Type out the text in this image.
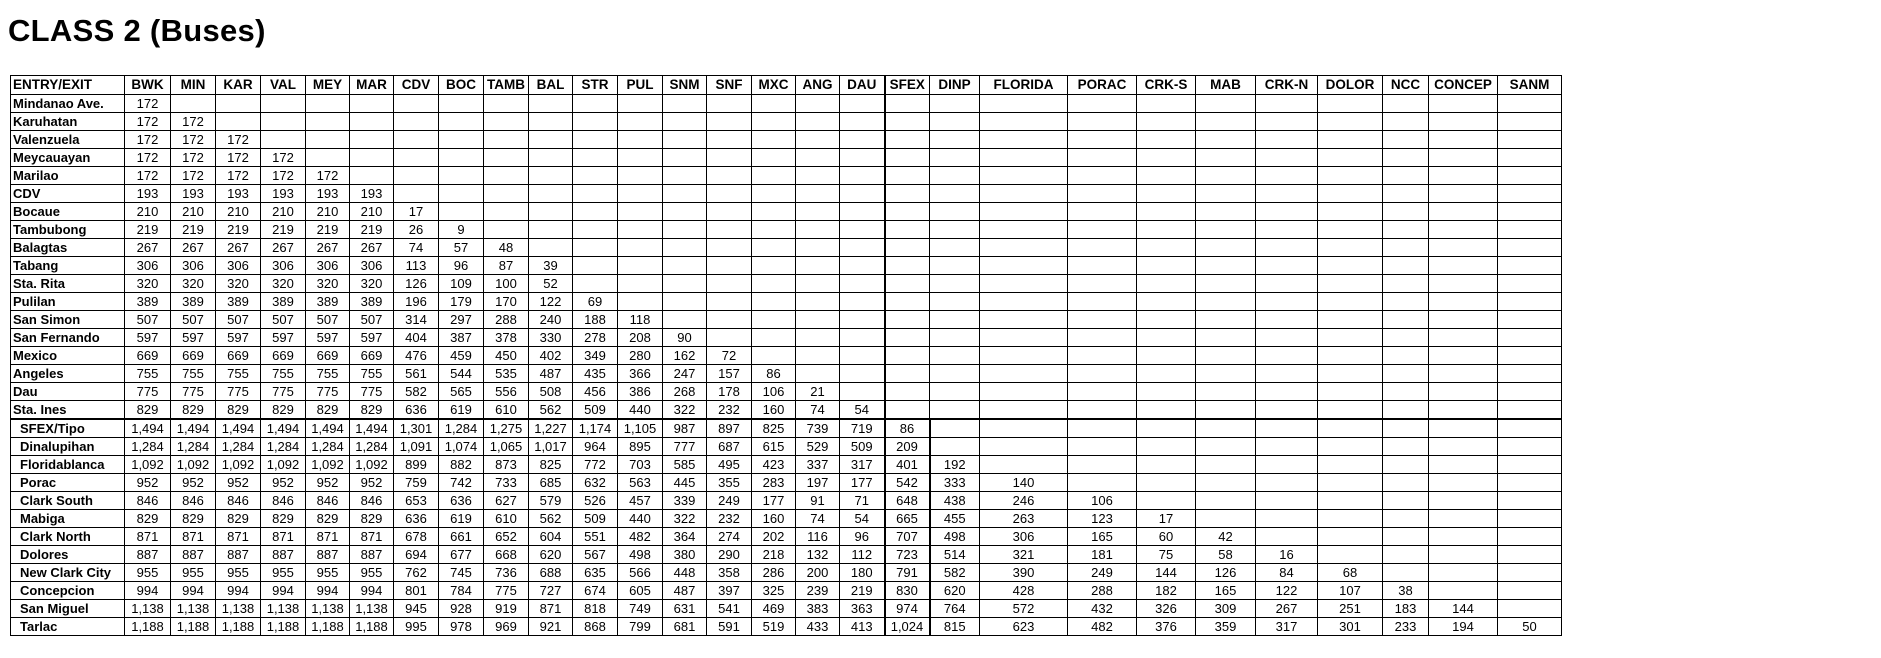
CLASS 2 (Buses)
ENTRY/EXIT	BWK	MIN	KAR	VAL	MEY	MAR	CDV	BOC	TAMB	BAL	STR	PUL	SNM	SNF	MXC	ANG	DAU	SFEX	DINP	FLORIDA	PORAC	CRK-S	MAB	CRK-N	DOLOR	NCC	CONCEP	SANM
Mindanao Ave.	172																											
Karuhatan	172	172																										
Valenzuela	172	172	172																									
Meycauayan	172	172	172	172																								
Marilao	172	172	172	172	172																							
CDV	193	193	193	193	193	193																						
Bocaue	210	210	210	210	210	210	17																					
Tambubong	219	219	219	219	219	219	26	9																				
Balagtas	267	267	267	267	267	267	74	57	48																			
Tabang	306	306	306	306	306	306	113	96	87	39																		
Sta. Rita	320	320	320	320	320	320	126	109	100	52																		
Pulilan	389	389	389	389	389	389	196	179	170	122	69																	
San Simon	507	507	507	507	507	507	314	297	288	240	188	118																
San Fernando	597	597	597	597	597	597	404	387	378	330	278	208	90															
Mexico	669	669	669	669	669	669	476	459	450	402	349	280	162	72														
Angeles	755	755	755	755	755	755	561	544	535	487	435	366	247	157	86													
Dau	775	775	775	775	775	775	582	565	556	508	456	386	268	178	106	21												
Sta. Ines	829	829	829	829	829	829	636	619	610	562	509	440	322	232	160	74	54											
SFEX/Tipo	1,494	1,494	1,494	1,494	1,494	1,494	1,301	1,284	1,275	1,227	1,174	1,105	987	897	825	739	719	86										
Dinalupihan	1,284	1,284	1,284	1,284	1,284	1,284	1,091	1,074	1,065	1,017	964	895	777	687	615	529	509	209										
Floridablanca	1,092	1,092	1,092	1,092	1,092	1,092	899	882	873	825	772	703	585	495	423	337	317	401	192									
Porac	952	952	952	952	952	952	759	742	733	685	632	563	445	355	283	197	177	542	333	140								
Clark South	846	846	846	846	846	846	653	636	627	579	526	457	339	249	177	91	71	648	438	246	106							
Mabiga	829	829	829	829	829	829	636	619	610	562	509	440	322	232	160	74	54	665	455	263	123	17						
Clark North	871	871	871	871	871	871	678	661	652	604	551	482	364	274	202	116	96	707	498	306	165	60	42					
Dolores	887	887	887	887	887	887	694	677	668	620	567	498	380	290	218	132	112	723	514	321	181	75	58	16				
New Clark City	955	955	955	955	955	955	762	745	736	688	635	566	448	358	286	200	180	791	582	390	249	144	126	84	68			
Concepcion	994	994	994	994	994	994	801	784	775	727	674	605	487	397	325	239	219	830	620	428	288	182	165	122	107	38		
San Miguel	1,138	1,138	1,138	1,138	1,138	1,138	945	928	919	871	818	749	631	541	469	383	363	974	764	572	432	326	309	267	251	183	144	
Tarlac	1,188	1,188	1,188	1,188	1,188	1,188	995	978	969	921	868	799	681	591	519	433	413	1,024	815	623	482	376	359	317	301	233	194	50
